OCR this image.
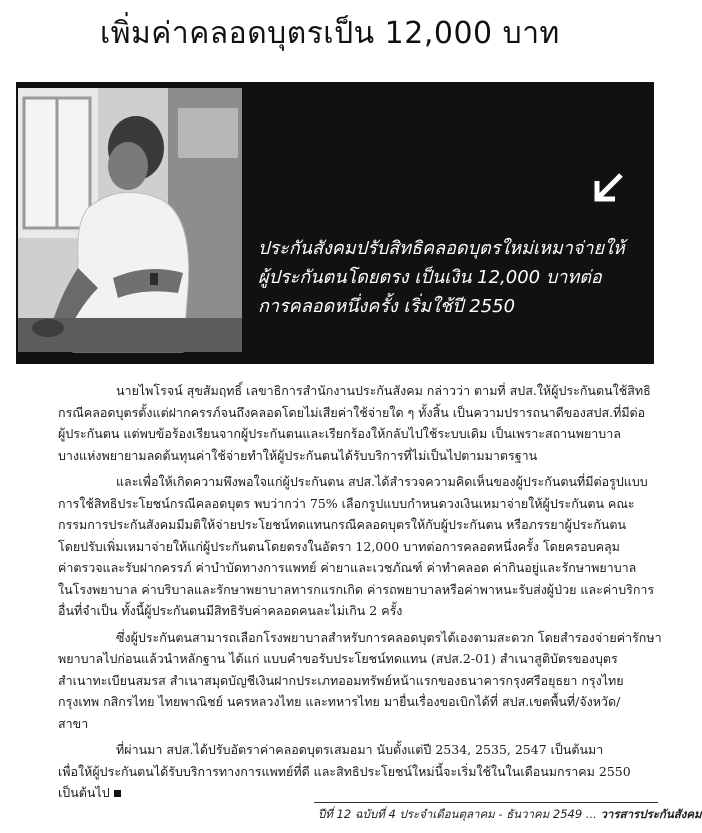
เพิ่มค่าคลอดบุตรเป็น 12,000 บาท
ประกันสังคมปรับสิทธิคลอดบุตรใหม่เหมาจ่ายให้
ผู้ประกันตนโดยตรง เป็นเงิน 12,000 บาทต่อ
การคลอดหนึ่งครั้ง เริ่มใช้ปี 2550

นายไพโรจน์ สุขสัมฤทธิ์ เลขาธิการสำนักงานประกันสังคม กล่าวว่า ตามที่ สปส.ให้ผู้ประกันตนใช้สิทธิ
กรณีคลอดบุตรตั้งแต่ฝากครรภ์จนถึงคลอดโดยไม่เสียค่าใช้จ่ายใด ๆ ทั้งสิ้น เป็นความปรารถนาดีของสปส.ที่มีต่อ
ผู้ประกันตน แต่พบข้อร้องเรียนจากผู้ประกันตนและเรียกร้องให้กลับไปใช้ระบบเดิม เป็นเพราะสถานพยาบาล
บางแห่งพยายามลดต้นทุนค่าใช้จ่ายทำให้ผู้ประกันตนได้รับบริการที่ไม่เป็นไปตามมาตรฐาน

และเพื่อให้เกิดความพึงพอใจแก่ผู้ประกันตน สปส.ได้สำรวจความคิดเห็นของผู้ประกันตนที่มีต่อรูปแบบ
การใช้สิทธิประโยชน์กรณีคลอดบุตร พบว่ากว่า 75% เลือกรูปแบบกำหนดวงเงินเหมาจ่ายให้ผู้ประกันตน คณะ
กรรมการประกันสังคมมีมติให้จ่ายประโยชน์ทดแทนกรณีคลอดบุตรให้กับผู้ประกันตน หรือภรรยาผู้ประกันตน
โดยปรับเพิ่มเหมาจ่ายให้แก่ผู้ประกันตนโดยตรงในอัตรา 12,000 บาทต่อการคลอดหนึ่งครั้ง โดยครอบคลุม
ค่าตรวจและรับฝากครรภ์ ค่าบำบัดทางการแพทย์ ค่ายาและเวชภัณฑ์ ค่าทำคลอด ค่ากินอยู่และรักษาพยาบาล
ในโรงพยาบาล ค่าบริบาลและรักษาพยาบาลทารกแรกเกิด ค่ารถพยาบาลหรือค่าพาหนะรับส่งผู้ป่วย และค่าบริการ
อื่นที่จำเป็น ทั้งนี้ผู้ประกันตนมีสิทธิรับค่าคลอดคนละไม่เกิน 2 ครั้ง

ซึ่งผู้ประกันตนสามารถเลือกโรงพยาบาลสำหรับการคลอดบุตรได้เองตามสะดวก โดยสำรองจ่ายค่ารักษา
พยาบาลไปก่อนแล้วนำหลักฐาน ได้แก่ แบบคำขอรับประโยชน์ทดแทน (สปส.2-01) สำเนาสูติบัตรของบุตร
สำเนาทะเบียนสมรส สำเนาสมุดบัญชีเงินฝากประเภทออมทรัพย์หน้าแรกของธนาคารกรุงศรีอยุธยา กรุงไทย
กรุงเทพ กสิกรไทย ไทยพาณิชย์ นครหลวงไทย และทหารไทย มายื่นเรื่องขอเบิกได้ที่ สปส.เขตพื้นที่/จังหวัด/
สาขา

ที่ผ่านมา สปส.ได้ปรับอัตราค่าคลอดบุตรเสมอมา นับตั้งแต่ปี 2534, 2535, 2547 เป็นต้นมา
เพื่อให้ผู้ประกันตนได้รับบริการทางการแพทย์ที่ดี และสิทธิประโยชน์ใหม่นี้จะเริ่มใช้ในในเดือนมกราคม 2550
เป็นต้นไป

ปีที่ 12 ฉบับที่ 4 ประจำเดือนตุลาคม - ธันวาคม 2549 ... วารสารประกันสังคม
